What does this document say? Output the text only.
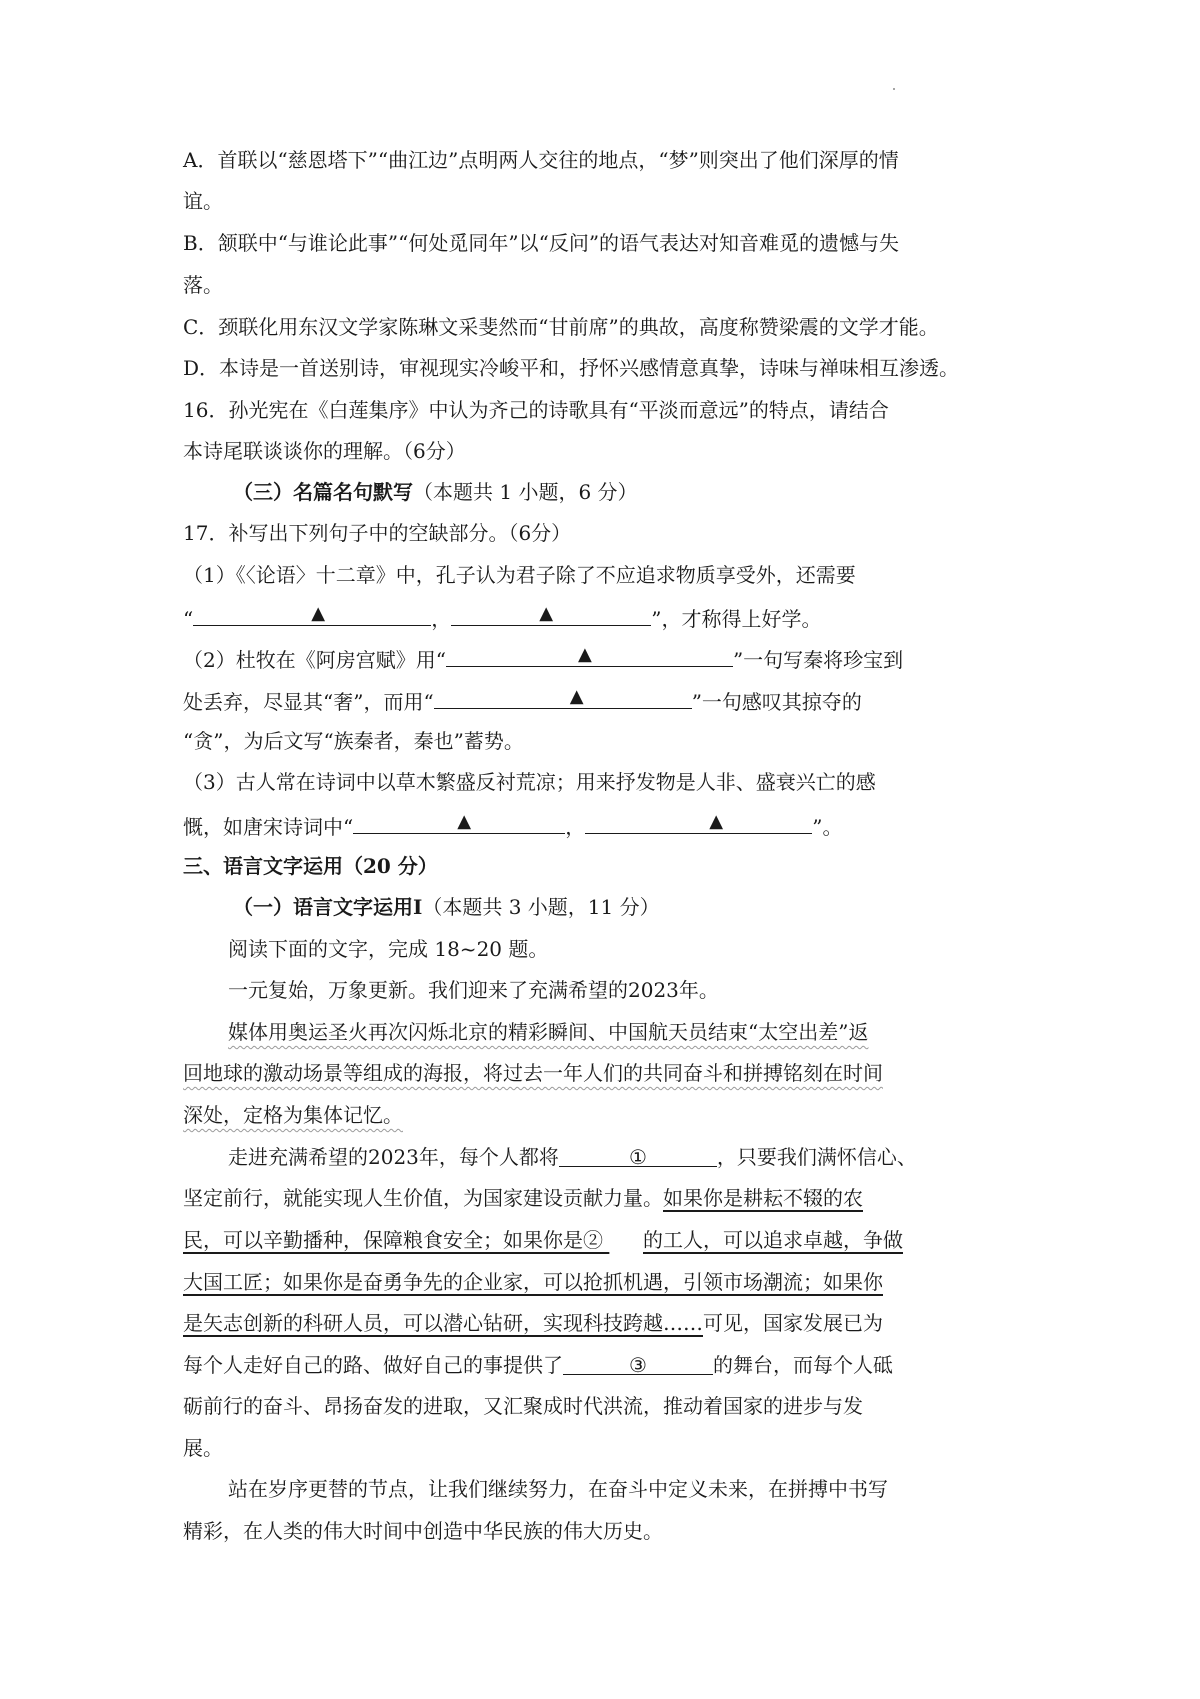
A．首联以“慈恩塔下”“曲江边”点明两人交往的地点，“梦”则突出了他们深厚的情
谊。
B．颔联中“与谁论此事”“何处觅同年”以“反问”的语气表达对知音难觅的遗憾与失
落。
C．颈联化用东汉文学家陈琳文采斐然而“甘前席”的典故，高度称赞梁震的文学才能。
D．本诗是一首送别诗，审视现实冷峻平和，抒怀兴感情意真挚，诗味与禅味相互渗透。
16．孙光宪在《白莲集序》中认为齐己的诗歌具有“平淡而意远”的特点，请结合
本诗尾联谈谈你的理解。（6分）
（三）名篇名句默写（本题共 1 小题，6 分）
17．补写出下列句子中的空缺部分。（6分）
（1）《〈论语〉十二章》中，孔子认为君子除了不应追求物质享受外，还需要
“	▲	，	▲	”，才称得上好学。
（2）杜牧在《阿房宫赋》用“	▲	”一句写秦将珍宝到
处丢弃，尽显其“奢”，而用“	▲	”一句感叹其掠夺的
“贪”，为后文写“族秦者，秦也”蓄势。
（3）古人常在诗词中以草木繁盛反衬荒凉；用来抒发物是人非、盛衰兴亡的感
慨，如唐宋诗词中“	▲	，	▲	”。
三、语言文字运用（20 分）
（一）语言文字运用Ⅰ（本题共 3 小题，11 分）
阅读下面的文字，完成 18~20 题。
一元复始，万象更新。我们迎来了充满希望的2023年。
媒体用奥运圣火再次闪烁北京的精彩瞬间、中国航天员结束“太空出差”返
回地球的激动场景等组成的海报，将过去一年人们的共同奋斗和拼搏铭刻在时间
深处，定格为集体记忆。
走进充满希望的2023年，每个人都将	①	，只要我们满怀信心、
坚定前行，就能实现人生价值，为国家建设贡献力量。如果你是耕耘不辍的农
民，可以辛勤播种，保障粮食安全；如果你是② 的工人，可以追求卓越，争做
大国工匠；如果你是奋勇争先的企业家，可以抢抓机遇，引领市场潮流；如果你
是矢志创新的科研人员，可以潜心钻研，实现科技跨越……可见，国家发展已为
每个人走好自己的路、做好自己的事提供了	③	的舞台，而每个人砥
砺前行的奋斗、昂扬奋发的进取，又汇聚成时代洪流，推动着国家的进步与发
展。
站在岁序更替的节点，让我们继续努力，在奋斗中定义未来，在拼搏中书写
精彩，在人类的伟大时间中创造中华民族的伟大历史。
